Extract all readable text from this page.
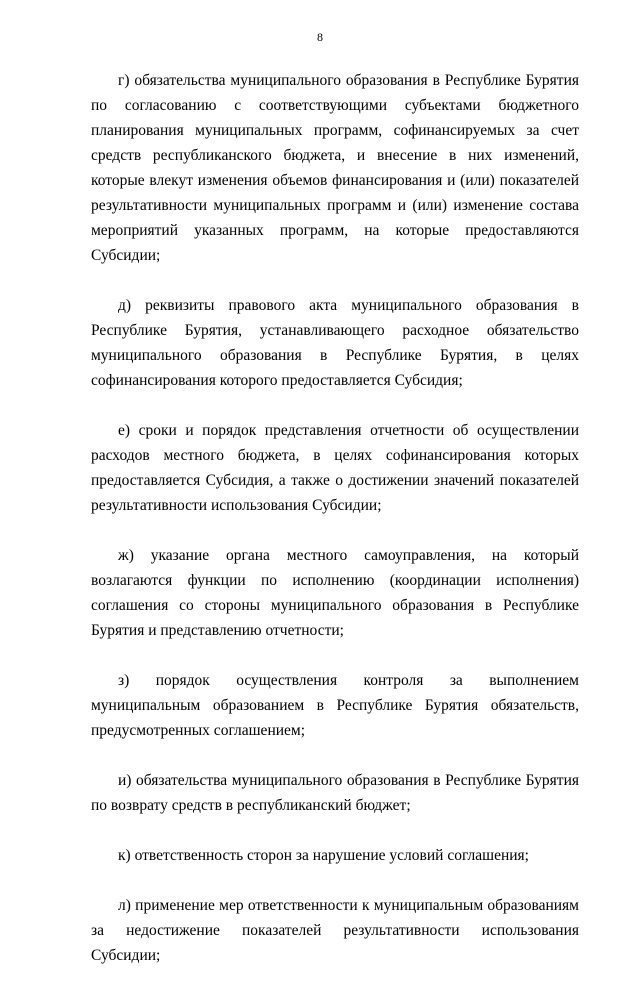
8

г) обязательства муниципального образования в Республике Бурятия по согласованию с соответствующими субъектами бюджетного планирования муниципальных программ, софинансируемых за счет средств республиканского бюджета, и внесение в них изменений, которые влекут изменения объемов финансирования и (или) показателей результативности муниципальных программ и (или) изменение состава мероприятий указанных программ, на которые предоставляются Субсидии;

д) реквизиты правового акта муниципального образования в Республике Бурятия, устанавливающего расходное обязательство муниципального образования в Республике Бурятия, в целях софинансирования которого предоставляется Субсидия;

е) сроки и порядок представления отчетности об осуществлении расходов местного бюджета, в целях софинансирования которых предоставляется Субсидия, а также о достижении значений показателей результативности использования Субсидии;

ж) указание органа местного самоуправления, на который возлагаются функции по исполнению (координации исполнения) соглашения со стороны муниципального образования в Республике Бурятия и представлению отчетности;

з) порядок осуществления контроля за выполнением муниципальным образованием в Республике Бурятия обязательств, предусмотренных соглашением;

и) обязательства муниципального образования в Республике Бурятия по возврату средств в республиканский бюджет;

к) ответственность сторон за нарушение условий соглашения;

л) применение мер ответственности к муниципальным образованиям за недостижение показателей результативности использования Субсидии;
